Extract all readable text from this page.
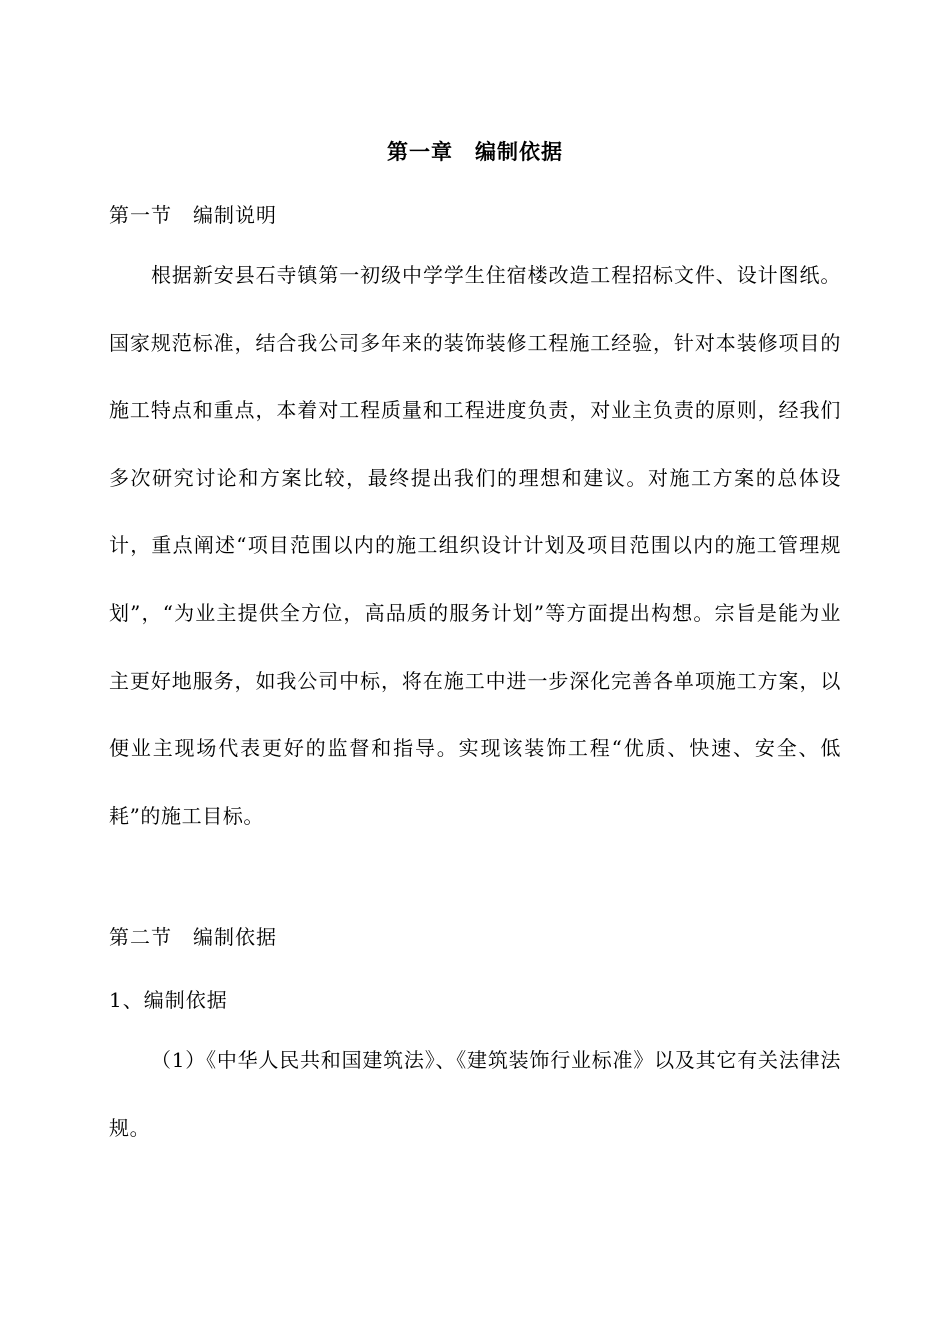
第一章　编制依据
第一节　编制说明

根据新安县石寺镇第一初级中学学生住宿楼改造工程招标文件、设计图纸。国家规范标准，结合我公司多年来的装饰装修工程施工经验，针对本装修项目的施工特点和重点，本着对工程质量和工程进度负责，对业主负责的原则，经我们多次研究讨论和方案比较，最终提出我们的理想和建议。对施工方案的总体设计，重点阐述“项目范围以内的施工组织设计计划及项目范围以内的施工管理规划”，“为业主提供全方位，高品质的服务计划”等方面提出构想。宗旨是能为业主更好地服务，如我公司中标，将在施工中进一步深化完善各单项施工方案，以便业主现场代表更好的监督和指导。实现该装饰工程“优质、快速、安全、低耗”的施工目标。

第二节　编制依据
1、编制依据

（1）《中华人民共和国建筑法》、《建筑装饰行业标准》以及其它有关法律法规。
